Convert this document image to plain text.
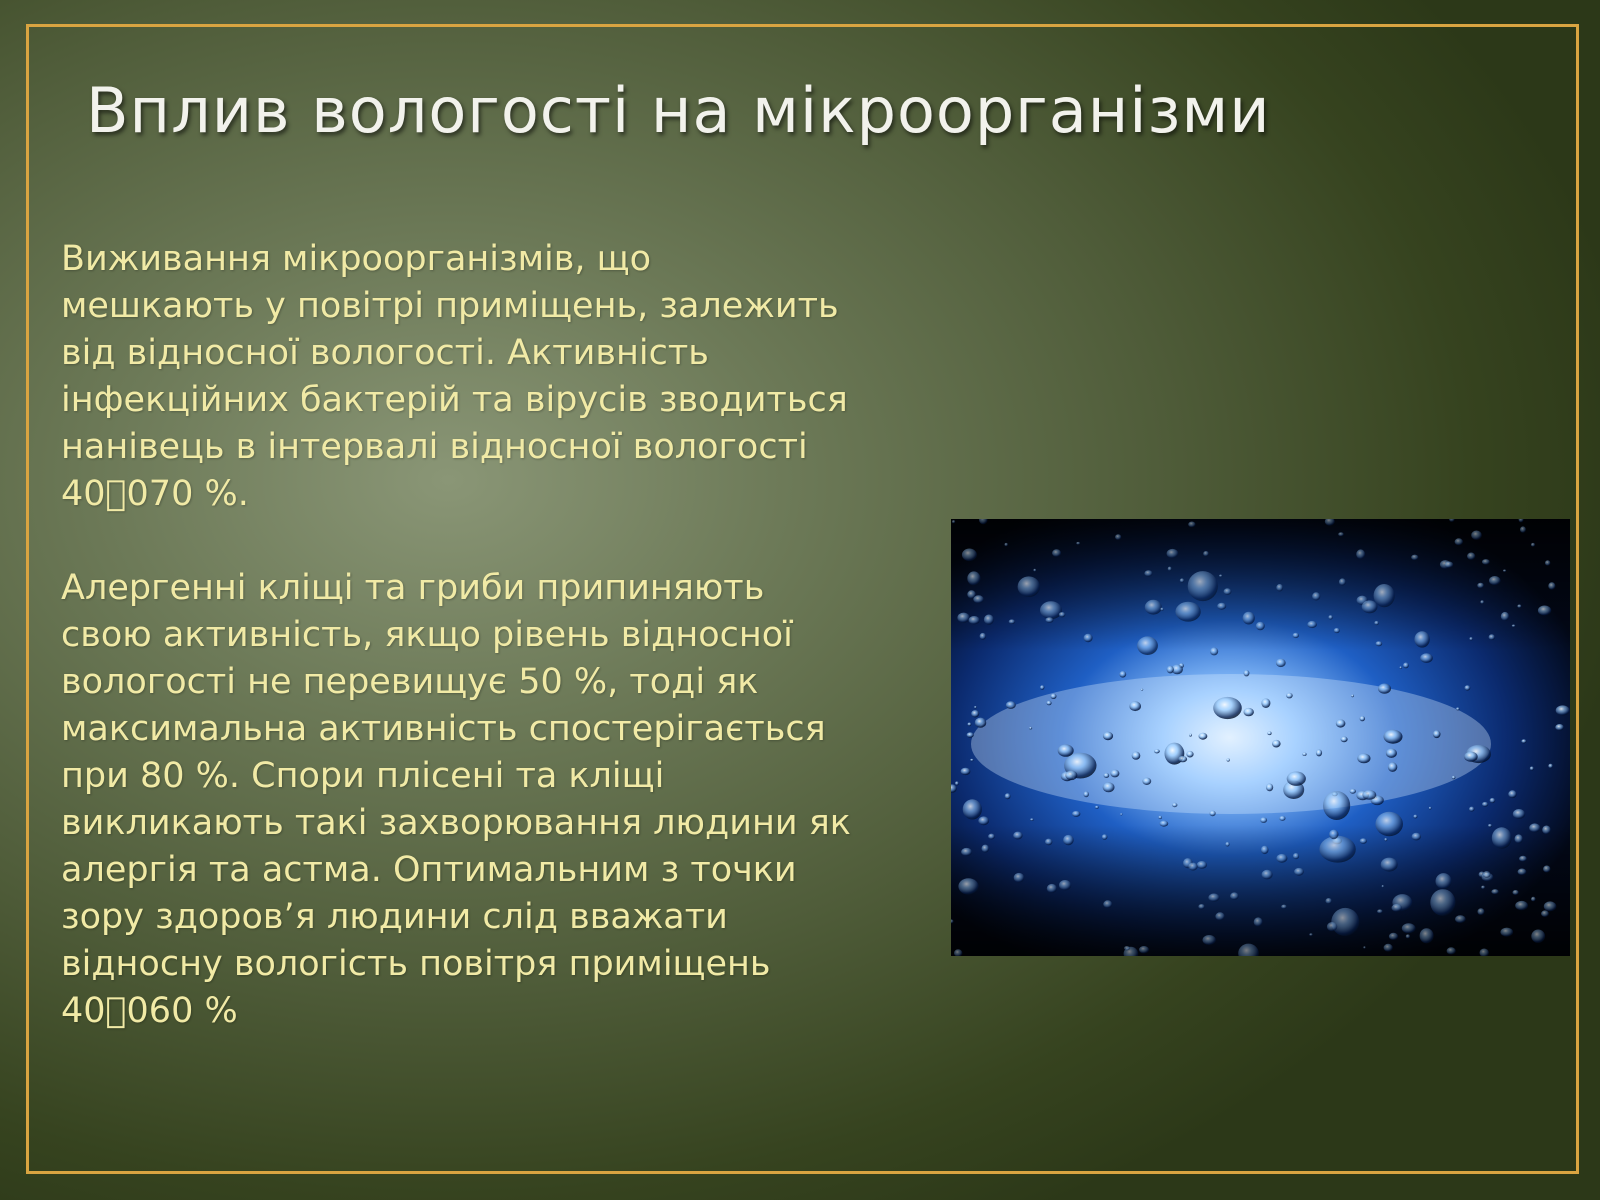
Вплив вологості на мікроорганізми

Виживання мікроорганізмів, що
мешкають у повітрі приміщень, залежить
від відносної вологості. Активність
інфекційних бактерій та вірусів зводиться
нанівець в інтервалі відносної вологості
40 070 %.

Алергенні кліщі та гриби припиняють
свою активність, якщо рівень відносної
вологості не перевищує 50 %, тоді як
максимальна активність спостерігається
при 80 %. Спори плісені та кліщі
викликають такі захворювання людини як
алергія та астма. Оптимальним з точки
зору здоров’я людини слід вважати
відносну вологість повітря приміщень
40 060 %
